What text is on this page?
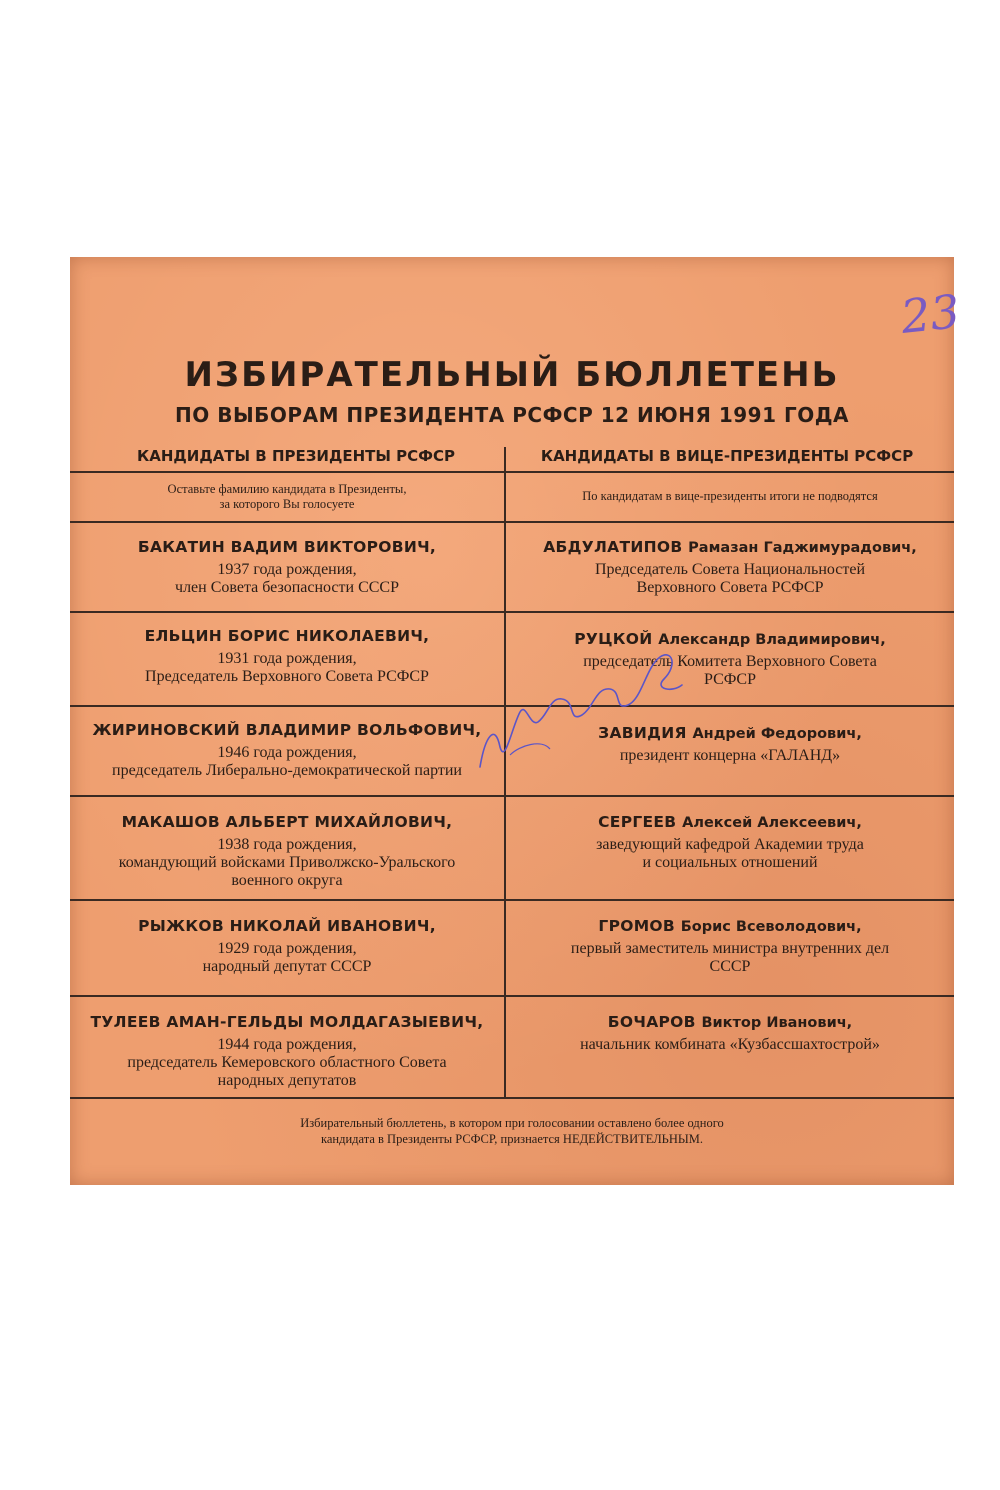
23
ИЗБИРАТЕЛЬНЫЙ БЮЛЛЕТЕНЬ
ПО ВЫБОРАМ ПРЕЗИДЕНТА РСФСР 12 ИЮНЯ 1991 ГОДА
КАНДИДАТЫ В ПРЕЗИДЕНТЫ РСФСР	КАНДИДАТЫ В ВИЦЕ-ПРЕЗИДЕНТЫ РСФСР
Оставьте фамилию кандидата в Президенты,
за которого Вы голосуете
По кандидатам в вице-президенты итоги не подводятся
БАКАТИН ВАДИМ ВИКТОРОВИЧ,
1937 года рождения,
член Совета безопасности СССР
ЕЛЬЦИН БОРИС НИКОЛАЕВИЧ,
1931 года рождения,
Председатель Верховного Совета РСФСР
ЖИРИНОВСКИЙ ВЛАДИМИР ВОЛЬФОВИЧ,
1946 года рождения,
председатель Либерально-демократической партии
МАКАШОВ АЛЬБЕРТ МИХАЙЛОВИЧ,
1938 года рождения,
командующий войсками Приволжско-Уральского
военного округа
РЫЖКОВ НИКОЛАЙ ИВАНОВИЧ,
1929 года рождения,
народный депутат СССР
ТУЛЕЕВ АМАН-ГЕЛЬДЫ МОЛДАГАЗЫЕВИЧ,
1944 года рождения,
председатель Кемеровского областного Совета
народных депутатов
АБДУЛАТИПОВ Рамазан Гаджимурадович,
Председатель Совета Национальностей
Верховного Совета РСФСР
РУЦКОЙ Александр Владимирович,
председатель Комитета Верховного Совета
РСФСР
ЗАВИДИЯ Андрей Федорович,
президент концерна «ГАЛАНД»
СЕРГЕЕВ Алексей Алексеевич,
заведующий кафедрой Академии труда
и социальных отношений
ГРОМОВ Борис Всеволодович,
первый заместитель министра внутренних дел
СССР
БОЧАРОВ Виктор Иванович,
начальник комбината «Кузбассшахтострой»
Избирательный бюллетень, в котором при голосовании оставлено более одного
кандидата в Президенты РСФСР, признается НЕДЕЙСТВИТЕЛЬНЫМ.
